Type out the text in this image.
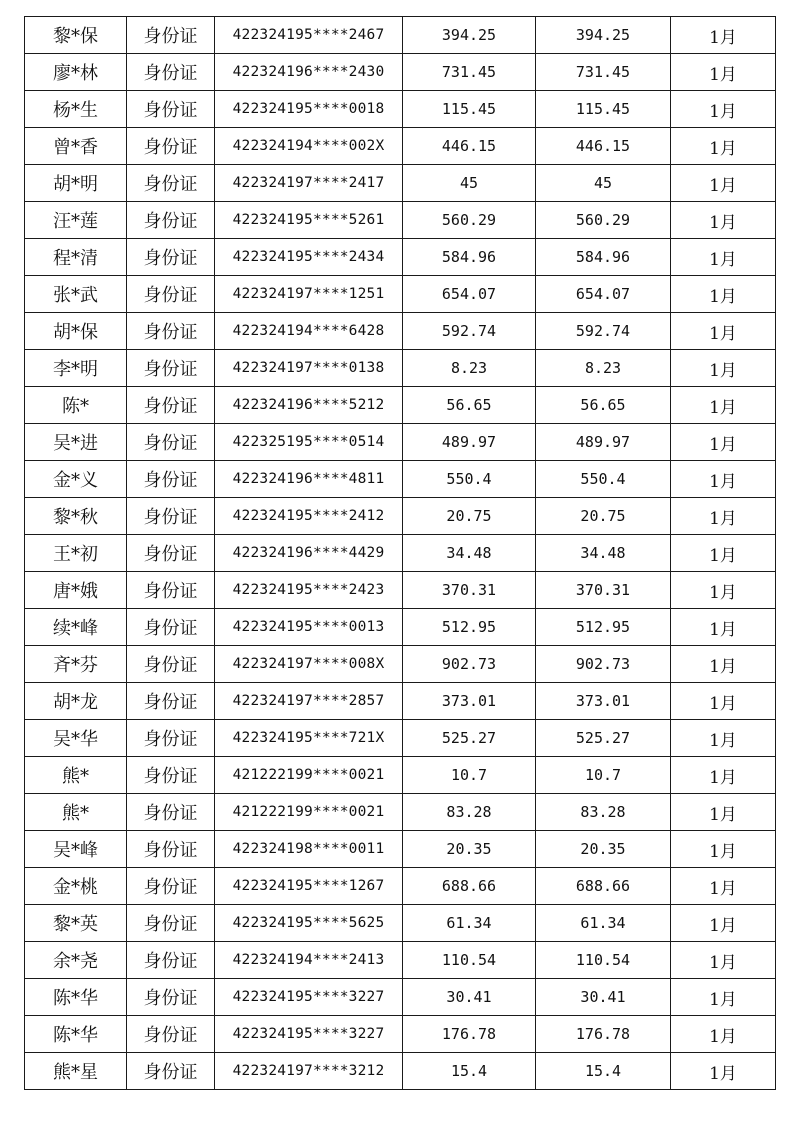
黎*保	身份证	422324195****2467	394.25	394.25	1月
廖*林	身份证	422324196****2430	731.45	731.45	1月
杨*生	身份证	422324195****0018	115.45	115.45	1月
曾*香	身份证	422324194****002X	446.15	446.15	1月
胡*明	身份证	422324197****2417	45	45	1月
汪*莲	身份证	422324195****5261	560.29	560.29	1月
程*清	身份证	422324195****2434	584.96	584.96	1月
张*武	身份证	422324197****1251	654.07	654.07	1月
胡*保	身份证	422324194****6428	592.74	592.74	1月
李*明	身份证	422324197****0138	8.23	8.23	1月
陈*	身份证	422324196****5212	56.65	56.65	1月
吴*进	身份证	422325195****0514	489.97	489.97	1月
金*义	身份证	422324196****4811	550.4	550.4	1月
黎*秋	身份证	422324195****2412	20.75	20.75	1月
王*初	身份证	422324196****4429	34.48	34.48	1月
唐*娥	身份证	422324195****2423	370.31	370.31	1月
续*峰	身份证	422324195****0013	512.95	512.95	1月
斉*芬	身份证	422324197****008X	902.73	902.73	1月
胡*龙	身份证	422324197****2857	373.01	373.01	1月
吴*华	身份证	422324195****721X	525.27	525.27	1月
熊*	身份证	421222199****0021	10.7	10.7	1月
熊*	身份证	421222199****0021	83.28	83.28	1月
吴*峰	身份证	422324198****0011	20.35	20.35	1月
金*桃	身份证	422324195****1267	688.66	688.66	1月
黎*英	身份证	422324195****5625	61.34	61.34	1月
余*尧	身份证	422324194****2413	110.54	110.54	1月
陈*华	身份证	422324195****3227	30.41	30.41	1月
陈*华	身份证	422324195****3227	176.78	176.78	1月
熊*星	身份证	422324197****3212	15.4	15.4	1月
